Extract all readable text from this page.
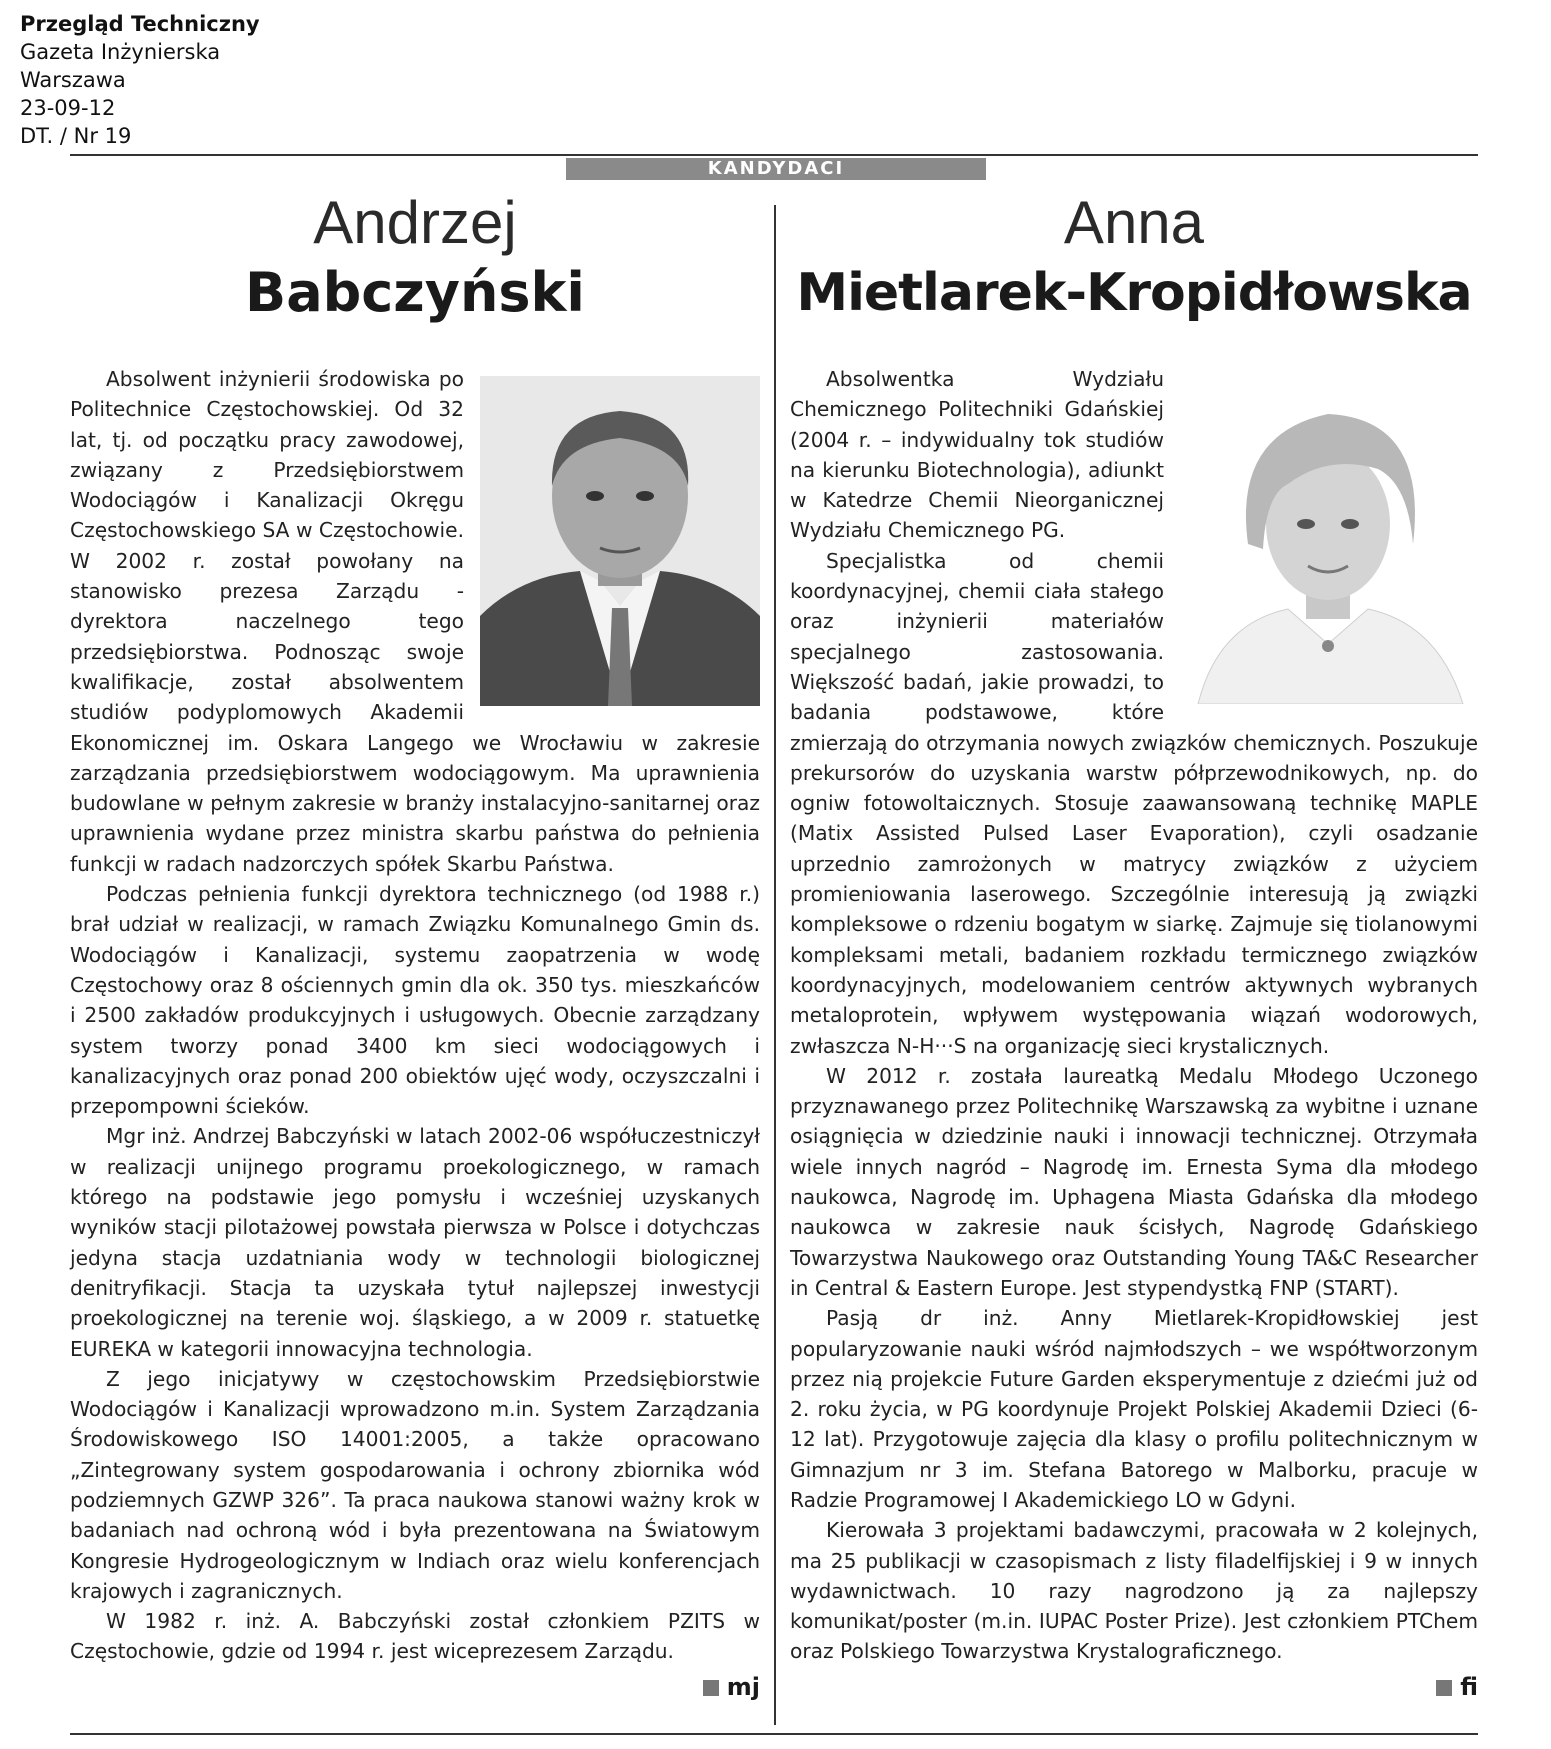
Przegląd Techniczny
Gazeta Inżynierska
Warszawa
23-09-12
DT. / Nr 19
KANDYDACI
Andrzej
Babczyński

Absolwent inżynierii środowiska po Politechnice Częstochowskiej. Od 32 lat, tj. od początku pracy zawodowej, związany z Przedsiębiorstwem Wodociągów i Kanalizacji Okręgu Częstochowskiego SA w Częstochowie. W 2002 r. został powołany na stanowisko prezesa Zarządu - dyrektora naczelnego tego przedsiębiorstwa. Podnosząc swoje kwalifikacje, został absolwentem studiów podyplomowych Akademii Ekonomicznej im. Oskara Langego we Wrocławiu w zakresie zarządzania przedsiębiorstwem wodociągowym. Ma uprawnienia budowlane w pełnym zakresie w branży instalacyjno-sanitarnej oraz uprawnienia wydane przez ministra skarbu państwa do pełnienia funkcji w radach nadzorczych spółek Skarbu Państwa.

Podczas pełnienia funkcji dyrektora technicznego (od 1988 r.) brał udział w realizacji, w ramach Związku Komunalnego Gmin ds. Wodociągów i Kanalizacji, systemu zaopatrzenia w wodę Częstochowy oraz 8 ościennych gmin dla ok. 350 tys. mieszkańców i 2500 zakładów produkcyjnych i usługowych. Obecnie zarządzany system tworzy ponad 3400 km sieci wodociągowych i kanalizacyjnych oraz ponad 200 obiektów ujęć wody, oczyszczalni i przepompowni ścieków.

Mgr inż. Andrzej Babczyński w latach 2002-06 współuczestniczył w realizacji unijnego programu proekologicznego, w ramach którego na podstawie jego pomysłu i wcześniej uzyskanych wyników stacji pilotażowej powstała pierwsza w Polsce i dotychczas jedyna stacja uzdatniania wody w technologii biologicznej denitryfikacji. Stacja ta uzyskała tytuł najlepszej inwestycji proekologicznej na terenie woj. śląskiego, a w 2009 r. statuetkę EUREKA w kategorii innowacyjna technologia.

Z jego inicjatywy w częstochowskim Przedsiębiorstwie Wodociągów i Kanalizacji wprowadzono m.in. System Zarządzania Środowiskowego ISO 14001:2005, a także opracowano „Zintegrowany system gospodarowania i ochrony zbiornika wód podziemnych GZWP 326”. Ta praca naukowa stanowi ważny krok w badaniach nad ochroną wód i była prezentowana na Światowym Kongresie Hydrogeologicznym w Indiach oraz wielu konferencjach krajowych i zagranicznych.

W 1982 r. inż. A. Babczyński został członkiem PZITS w Częstochowie, gdzie od 1994 r. jest wiceprezesem Zarządu.

mj
Anna
Mietlarek-Kropidłowska

Absolwentka Wydziału Chemicznego Politechniki Gdańskiej (2004 r. – indywidualny tok studiów na kierunku Biotechnologia), adiunkt w Katedrze Chemii Nieorganicznej Wydziału Chemicznego PG.

Specjalistka od chemii koordynacyjnej, chemii ciała stałego oraz inżynierii materiałów specjalnego zastosowania. Większość badań, jakie prowadzi, to badania podstawowe, które zmierzają do otrzymania nowych związków chemicznych. Poszukuje prekursorów do uzyskania warstw półprzewodnikowych, np. do ogniw fotowoltaicznych. Stosuje zaawansowaną technikę MAPLE (Matix Assisted Pulsed Laser Evaporation), czyli osadzanie uprzednio zamrożonych w matrycy związków z użyciem promieniowania laserowego. Szczególnie interesują ją związki kompleksowe o rdzeniu bogatym w siarkę. Zajmuje się tiolanowymi kompleksami metali, badaniem rozkładu termicznego związków koordynacyjnych, modelowaniem centrów aktywnych wybranych metaloprotein, wpływem występowania wiązań wodorowych, zwłaszcza N-H···S na organizację sieci krystalicznych.

W 2012 r. została laureatką Medalu Młodego Uczonego przyznawanego przez Politechnikę Warszawską za wybitne i uznane osiągnięcia w dziedzinie nauki i innowacji technicznej. Otrzymała wiele innych nagród – Nagrodę im. Ernesta Syma dla młodego naukowca, Nagrodę im. Uphagena Miasta Gdańska dla młodego naukowca w zakresie nauk ścisłych, Nagrodę Gdańskiego Towarzystwa Naukowego oraz Outstanding Young TA&C Researcher in Central & Eastern Europe. Jest stypendystką FNP (START).

Pasją dr inż. Anny Mietlarek-Kropidłowskiej jest popularyzowanie nauki wśród najmłodszych – we współtworzonym przez nią projekcie Future Garden eksperymentuje z dziećmi już od 2. roku życia, w PG koordynuje Projekt Polskiej Akademii Dzieci (6-12 lat). Przygotowuje zajęcia dla klasy o profilu politechnicznym w Gimnazjum nr 3 im. Stefana Batorego w Malborku, pracuje w Radzie Programowej I Akademickiego LO w Gdyni.

Kierowała 3 projektami badawczymi, pracowała w 2 kolejnych, ma 25 publikacji w czasopismach z listy filadelfijskiej i 9 w innych wydawnictwach. 10 razy nagrodzono ją za najlepszy komunikat/poster (m.in. IUPAC Poster Prize). Jest członkiem PTChem oraz Polskiego Towarzystwa Krystalograficznego.

fi
